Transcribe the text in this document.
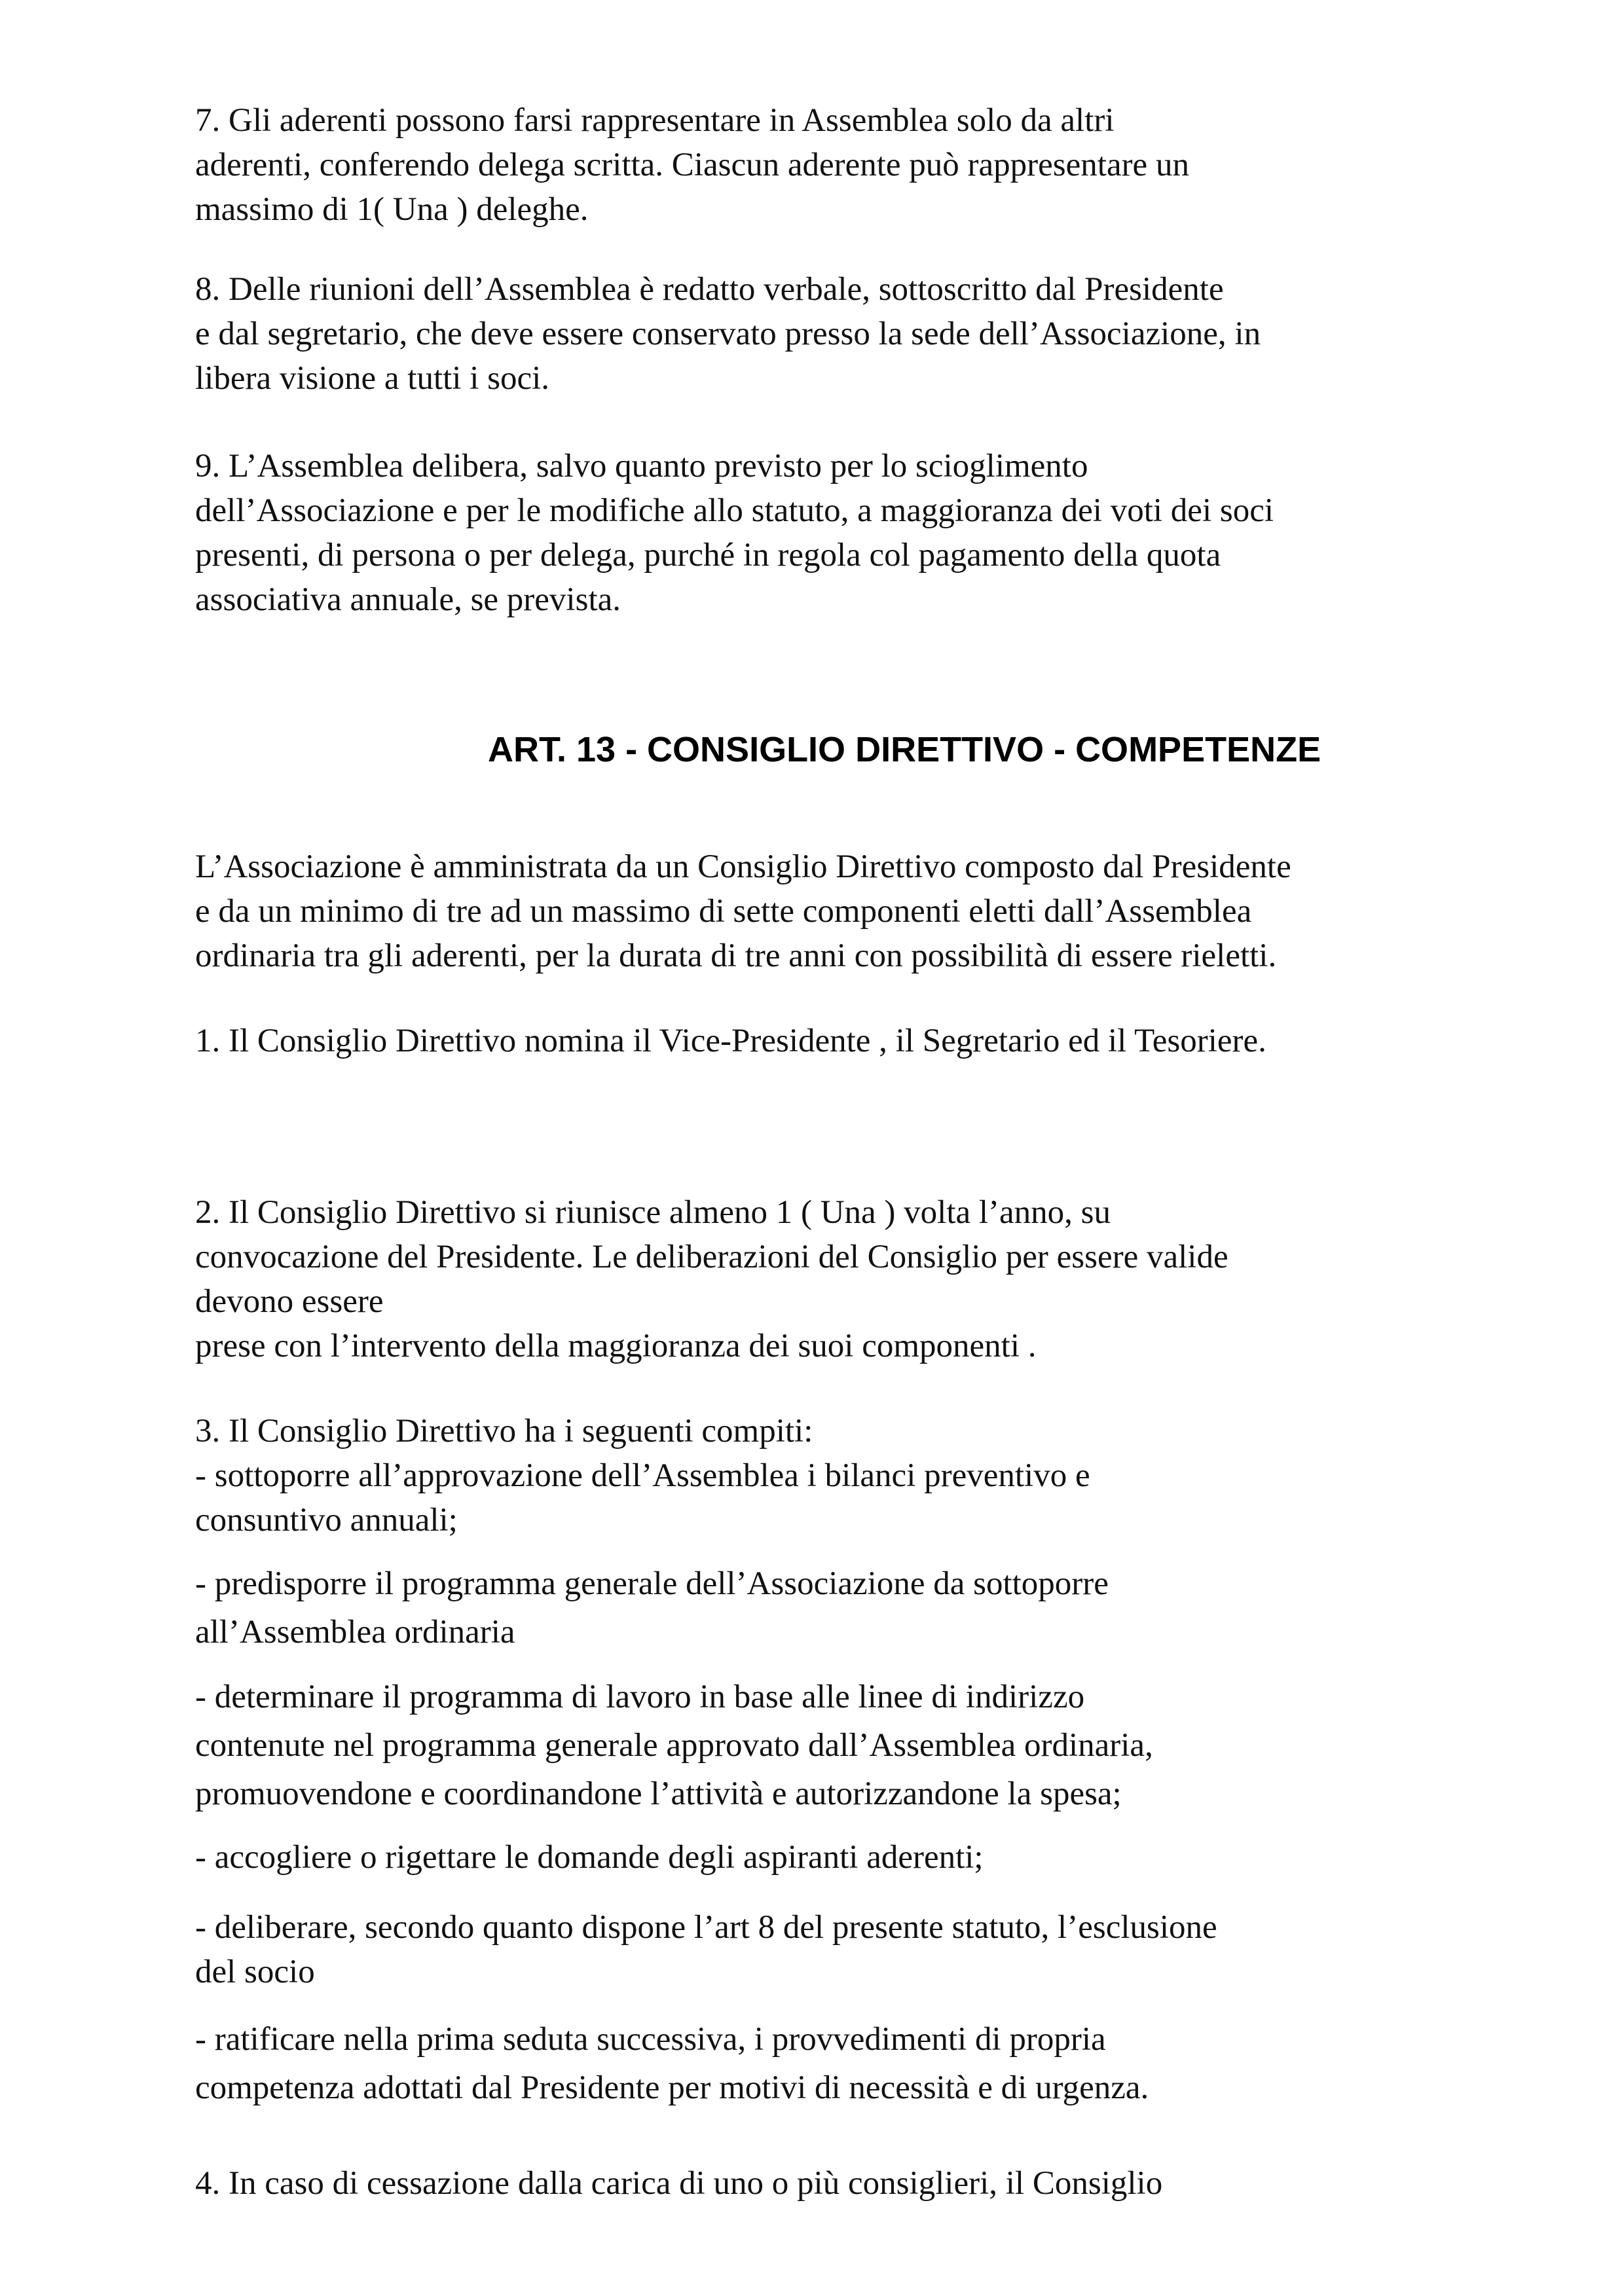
7. Gli aderenti possono farsi rappresentare in Assemblea solo da altri
aderenti, conferendo delega scritta. Ciascun aderente può rappresentare un
massimo di 1( Una ) deleghe.

8. Delle riunioni dell’Assemblea è redatto verbale, sottoscritto dal Presidente
e dal segretario, che deve essere conservato presso la sede dell’Associazione, in
libera visione a tutti i soci.

9. L’Assemblea delibera, salvo quanto previsto per lo scioglimento
dell’Associazione e per le modifiche allo statuto, a maggioranza dei voti dei soci
presenti, di persona o per delega, purché in regola col pagamento della quota
associativa annuale, se prevista.

ART. 13 - CONSIGLIO DIRETTIVO - COMPETENZE

L’Associazione è amministrata da un Consiglio Direttivo composto dal Presidente
e da un minimo di tre ad un massimo di sette componenti eletti dall’Assemblea
ordinaria tra gli aderenti, per la durata di tre anni con possibilità di essere rieletti.

1. Il Consiglio Direttivo nomina il Vice-Presidente , il Segretario ed il Tesoriere.

2. Il Consiglio Direttivo si riunisce almeno 1 ( Una ) volta l’anno, su
convocazione del Presidente. Le deliberazioni del Consiglio per essere valide
devono essere
prese con l’intervento della maggioranza dei suoi componenti .

3. Il Consiglio Direttivo ha i seguenti compiti:
- sottoporre all’approvazione dell’Assemblea i bilanci preventivo e
consuntivo annuali;

- predisporre il programma generale dell’Associazione da sottoporre
all’Assemblea ordinaria

- determinare il programma di lavoro in base alle linee di indirizzo
contenute nel programma generale approvato dall’Assemblea ordinaria,
promuovendone e coordinandone l’attività e autorizzandone la spesa;

- accogliere o rigettare le domande degli aspiranti aderenti;

- deliberare, secondo quanto dispone l’art 8 del presente statuto, l’esclusione
del socio

- ratificare nella prima seduta successiva, i provvedimenti di propria
competenza adottati dal Presidente per motivi di necessità e di urgenza.

4. In caso di cessazione dalla carica di uno o più consiglieri, il Consiglio
